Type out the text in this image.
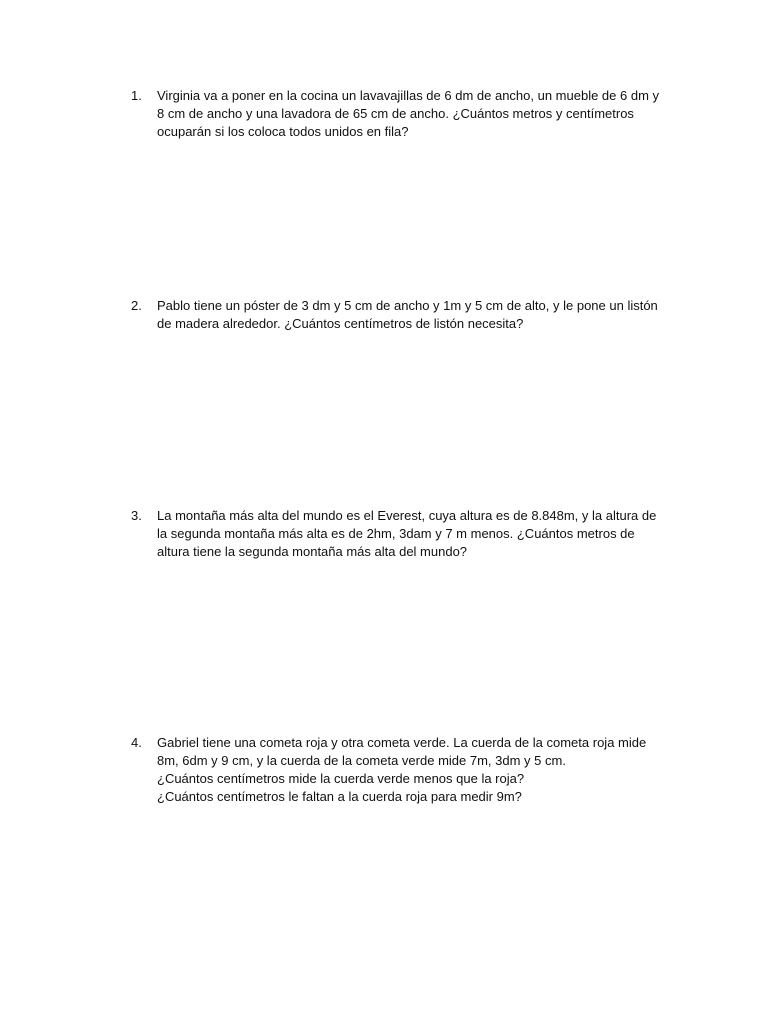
1.	Virginia va a poner en la cocina un lavavajillas de 6 dm de ancho, un mueble de 6 dm y
8 cm de ancho y una lavadora de 65 cm de ancho. ¿Cuántos metros y centímetros
ocuparán si los coloca todos unidos en fila?
2.	Pablo tiene un póster de 3 dm y 5 cm de ancho y 1m y 5 cm de alto, y le pone un listón
de madera alrededor. ¿Cuántos centímetros de listón necesita?
3.	La montaña más alta del mundo es el Everest, cuya altura es de 8.848m, y la altura de
la segunda montaña más alta es de 2hm, 3dam y 7 m menos. ¿Cuántos metros de
altura tiene la segunda montaña más alta del mundo?
4.	Gabriel tiene una cometa roja y otra cometa verde. La cuerda de la cometa roja mide
8m, 6dm y 9 cm, y la cuerda de la cometa verde mide 7m, 3dm y 5 cm.
¿Cuántos centímetros mide la cuerda verde menos que la roja?
¿Cuántos centímetros le faltan a la cuerda roja para medir 9m?
